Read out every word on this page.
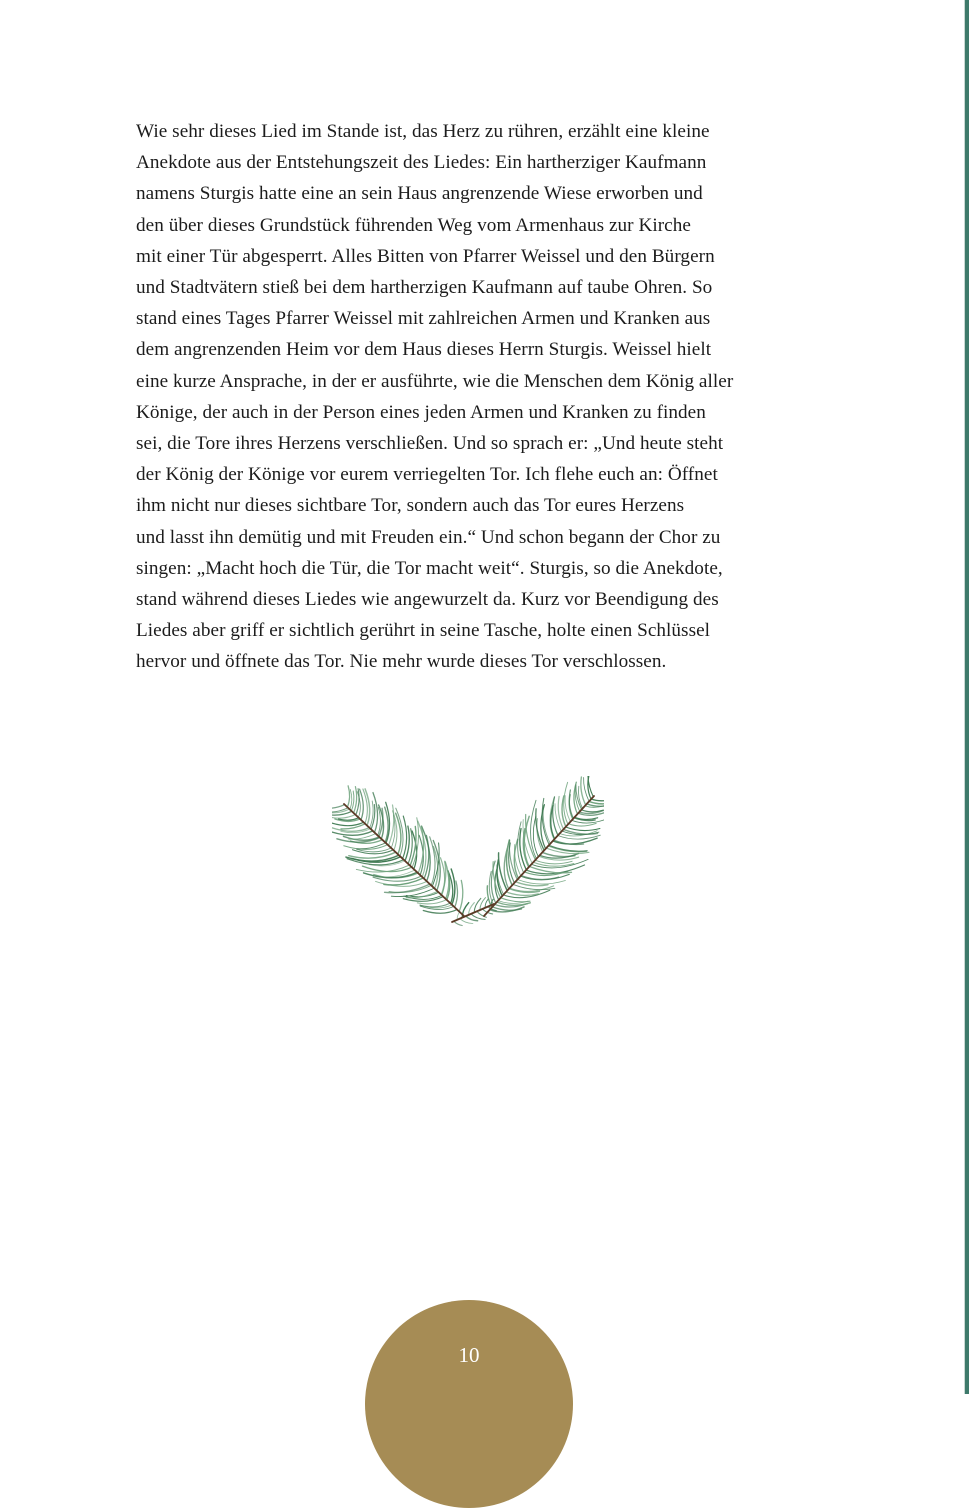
Wie sehr dieses Lied im Stande ist, das Herz zu rühren, erzählt eine kleine
Anekdote aus der Entstehungszeit des Liedes: Ein hartherziger Kaufmann
namens Sturgis hatte eine an sein Haus angrenzende Wiese erworben und
den über dieses Grundstück führenden Weg vom Armenhaus zur Kirche
mit einer Tür abgesperrt. Alles Bitten von Pfarrer Weissel und den Bürgern
und Stadtvätern stieß bei dem hartherzigen Kaufmann auf taube Ohren. So
stand eines Tages Pfarrer Weissel mit zahlreichen Armen und Kranken aus
dem angrenzenden Heim vor dem Haus dieses Herrn Sturgis. Weissel hielt
eine kurze Ansprache, in der er ausführte, wie die Menschen dem König aller
Könige, der auch in der Person eines jeden Armen und Kranken zu finden
sei, die Tore ihres Herzens verschließen. Und so sprach er: „Und heute steht
der König der Könige vor eurem verriegelten Tor. Ich flehe euch an: Öffnet
ihm nicht nur dieses sichtbare Tor, sondern auch das Tor eures Herzens
und lasst ihn demütig und mit Freuden ein.“ Und schon begann der Chor zu
singen: „Macht hoch die Tür, die Tor macht weit“. Sturgis, so die Anekdote,
stand während dieses Liedes wie angewurzelt da. Kurz vor Beendigung des
Liedes aber griff er sichtlich gerührt in seine Tasche, holte einen Schlüssel
hervor und öffnete das Tor. Nie mehr wurde dieses Tor verschlossen.
10
